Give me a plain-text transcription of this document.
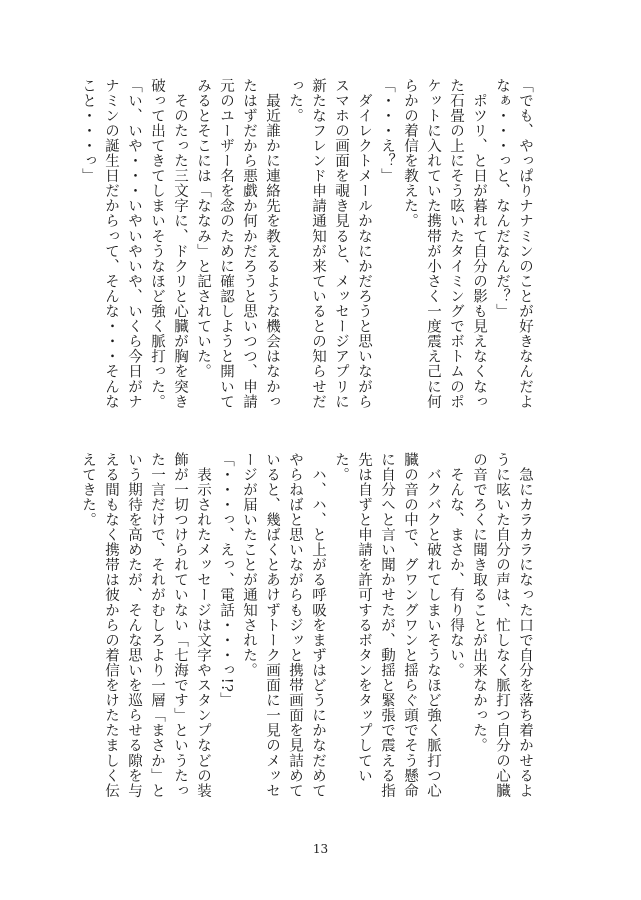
「でも、やっぱりナナミンのことが好きなんだよなぁ・・・っと、なんだなんだ？」

　ポツリ、と日が暮れて自分の影も見えなくなった石畳の上にそう呟いたタイミングでボトムのポケットに入れていた携帯が小さく一度震え己に何らかの着信を教えた。

「・・・え？」

　ダイレクトメールかなにかだろうと思いながらスマホの画面を覗き見ると、メッセージアプリに新たなフレンド申請通知が来ているとの知らせだった。

　最近誰かに連絡先を教えるような機会はなかったはずだから悪戯か何かだろうと思いつつ、申請元のユーザー名を念のために確認しようと開いてみるとそこには「ななみ」と記されていた。

　そのたった三文字に、ドクリと心臓が胸を突き破って出てきてしまいそうなほど強く脈打った。

「い、いや・・・いやいやいや、いくら今日がナナミンの誕生日だからって、そんな・・・そんなこと・・・っ」

　急にカラカラになった口で自分を落ち着かせるように呟いた自分の声は、忙しなく脈打つ自分の心臓の音でろくに聞き取ることが出来なかった。

　そんな、まさか、有り得ない。

　バクバクと破れてしまいそうなほど強く脈打つ心臓の音の中で、グワングワンと揺らぐ頭でそう懸命に自分へと言い聞かせたが、動揺と緊張で震える指先は自ずと申請を許可するボタンをタップしていた。

　ハ、ハ、と上がる呼吸をまずはどうにかなだめてやらねばと思いながらもジッと携帯画面を見詰めていると、幾ばくとあけずトーク画面に一見のメッセージが届いたことが通知された。

「・・・っ、えっ、電話・・・っ!?」

　表示されたメッセージは文字やスタンプなどの装飾が一切つけられていない「七海です」というたった一言だけで、それがむしろより一層「まさか」という期待を高めたが、そんな思いを巡らせる隙を与える間もなく携帯は彼からの着信をけたたましく伝えてきた。

13
